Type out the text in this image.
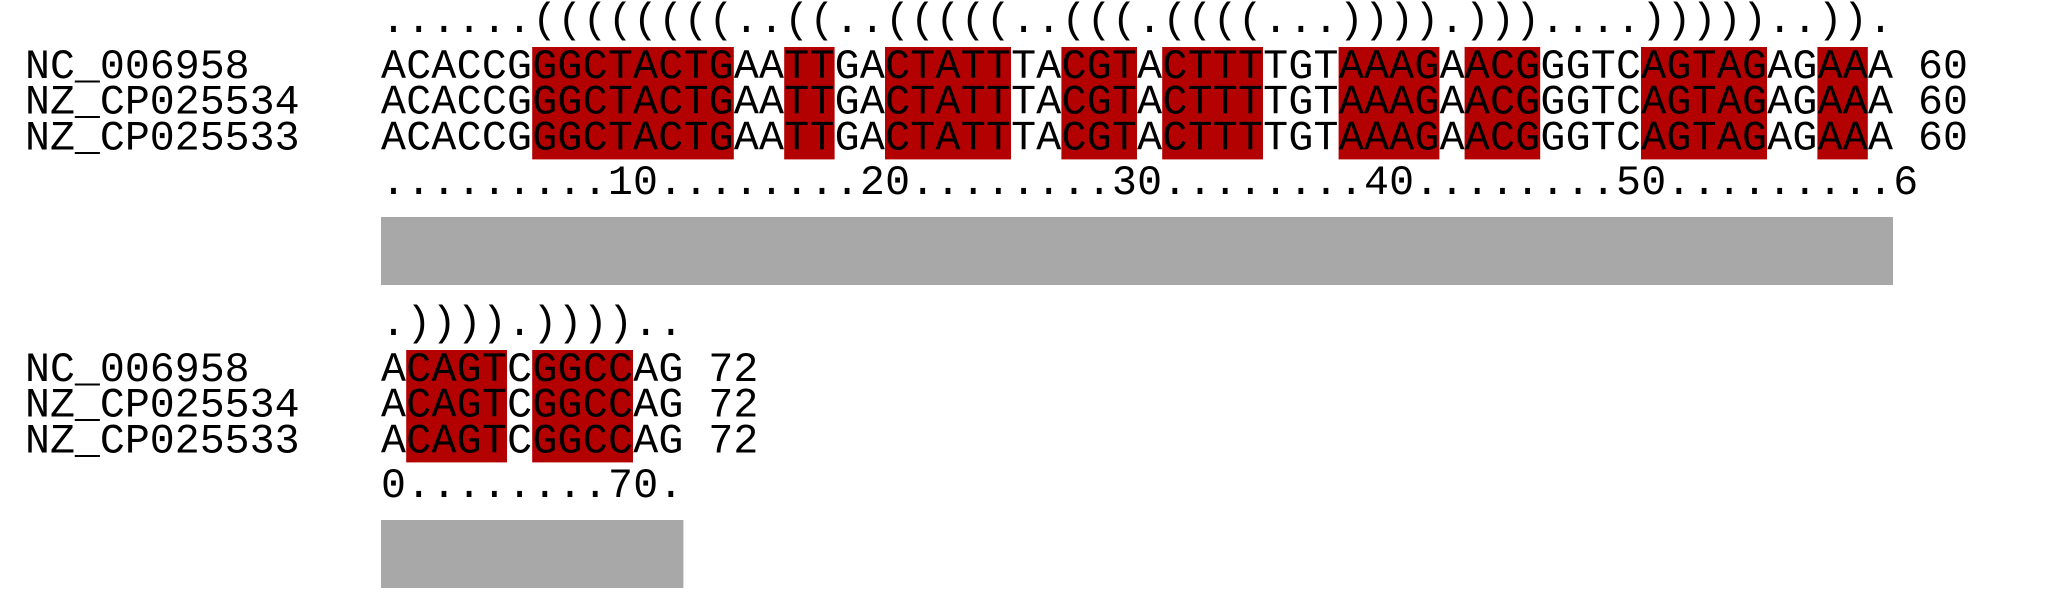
......((((((((..((..(((((..(((.((((...)))).)))....)))))..)).
NC_006958	ACACCGGGCTACTGAATTGACTATTTACGTACTTTTGTAAAGAACGGGTCAGTAGAGAAA 60
NZ_CP025534 ACACCGGGCTACTGAATTGACTATTTACGTACTTTTGTAAAGAACGGGTCAGTAGAGAAA 60
NZ_CP025533 ACACCGGGCTACTGAATTGACTATTTACGTACTTTTGTAAAGAACGGGTCAGTAGAGAAA 60
.........10........20........30........40........50.........6
.)))).))))..
NC_006958	ACAGTCGGCCAG 72
NZ_CP025534 ACAGTCGGCCAG 72
NZ_CP025533 ACAGTCGGCCAG 72
0........70.
